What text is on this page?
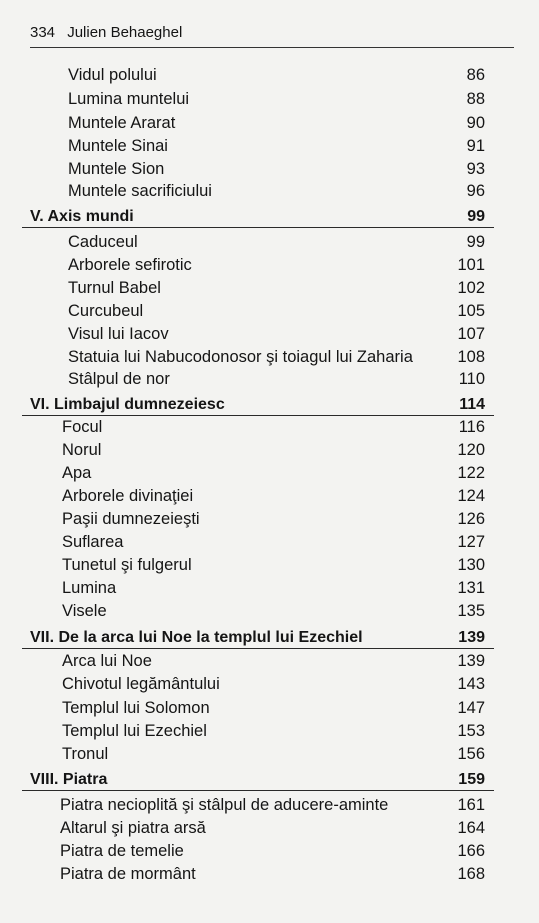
334 Julien Behaeghel
Vidul polului	86
Lumina muntelui	88
Muntele Ararat	90
Muntele Sinai	91
Muntele Sion	93
Muntele sacrificiului	96
V. Axis mundi	99
Caduceul	99
Arborele sefirotic	101
Turnul Babel	102
Curcubeul	105
Visul lui Iacov	107
Statuia lui Nabucodonosor şi toiagul lui Zaharia	108
Stâlpul de nor	110
VI. Limbajul dumnezeiesc	114
Focul	116
Norul	120
Apa	122
Arborele divinaţiei	124
Paşii dumnezeieşti	126
Suflarea	127
Tunetul şi fulgerul	130
Lumina	131
Visele	135
VII. De la arca lui Noe la templul lui Ezechiel	139
Arca lui Noe	139
Chivotul legământului	143
Templul lui Solomon	147
Templul lui Ezechiel	153
Tronul	156
VIII. Piatra	159
Piatra necioplită şi stâlpul de aducere-aminte	161
Altarul şi piatra arsă	164
Piatra de temelie	166
Piatra de mormânt	168
